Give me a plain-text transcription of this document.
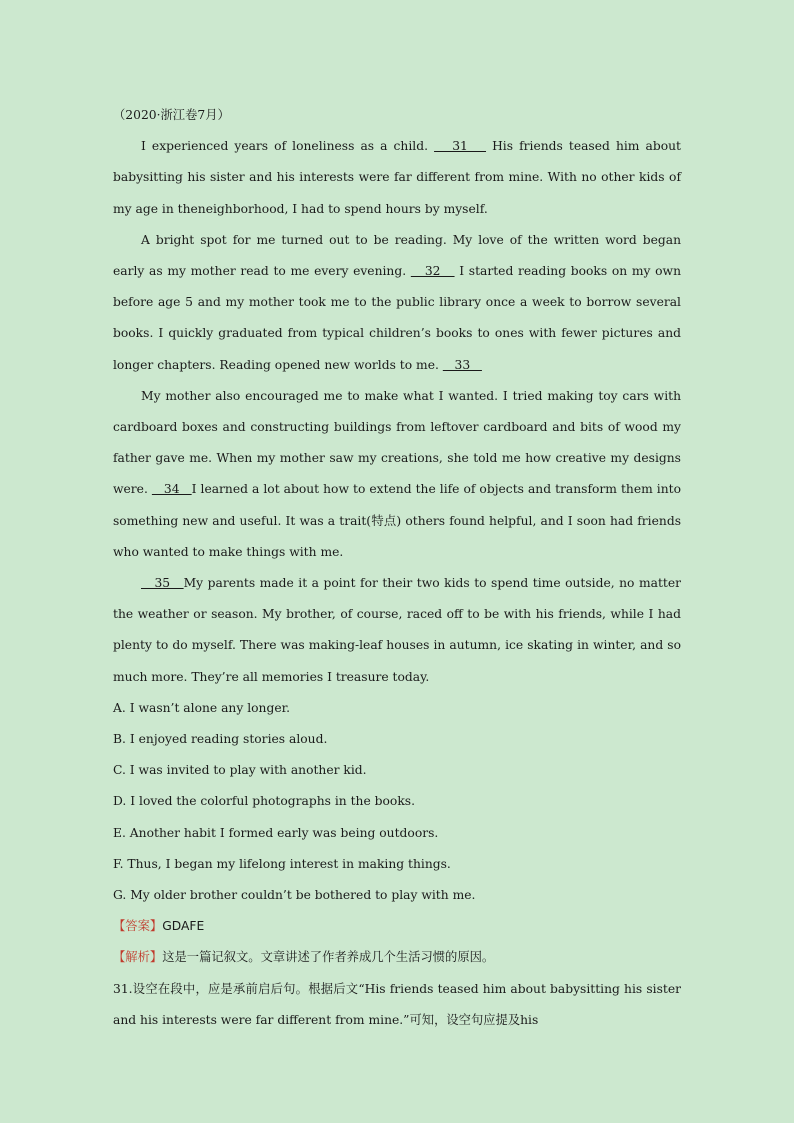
（2020·浙江卷7月）

I experienced years of loneliness as a child.    31    His friends teased him about babysitting his sister and his interests were far different from mine. With no other kids of my age in theneighborhood, I had to spend hours by myself.

A bright spot for me turned out to be reading. My love of the written word began early as my mother read to me every evening.    32    I started reading books on my own before age 5 and my mother took me to the public library once a week to borrow several books. I quickly graduated from typical children’s books to ones with fewer pictures and longer chapters. Reading opened new worlds to me.    33

My mother also encouraged me to make what I wanted. I tried making toy cars with cardboard boxes and constructing buildings from leftover cardboard and bits of wood my father gave me. When my mother saw my creations, she told me how creative my designs were.    34   I learned a lot about how to extend the life of objects and transform them into something new and useful. It was a trait(特点) others found helpful, and I soon had friends who wanted to make things with me.

35   My parents made it a point for their two kids to spend time outside, no matter the weather or season. My brother, of course, raced off to be with his friends, while I had plenty to do myself. There was making-leaf houses in autumn, ice skating in winter, and so much more. They’re all memories I treasure today.

A. I wasn’t alone any longer.
B. I enjoyed reading stories aloud.
C. I was invited to play with another kid.
D. I loved the colorful photographs in the books.
E. Another habit I formed early was being outdoors.
F. Thus, I began my lifelong interest in making things.
G. My older brother couldn’t be bothered to play with me.
【答案】GDAFE
【解析】这是一篇记叙文。文章讲述了作者养成几个生活习惯的原因。

31.设空在段中，应是承前启后句。根据后文“His friends teased him about babysitting his sister and his interests were far different from mine.”可知，设空句应提及his
